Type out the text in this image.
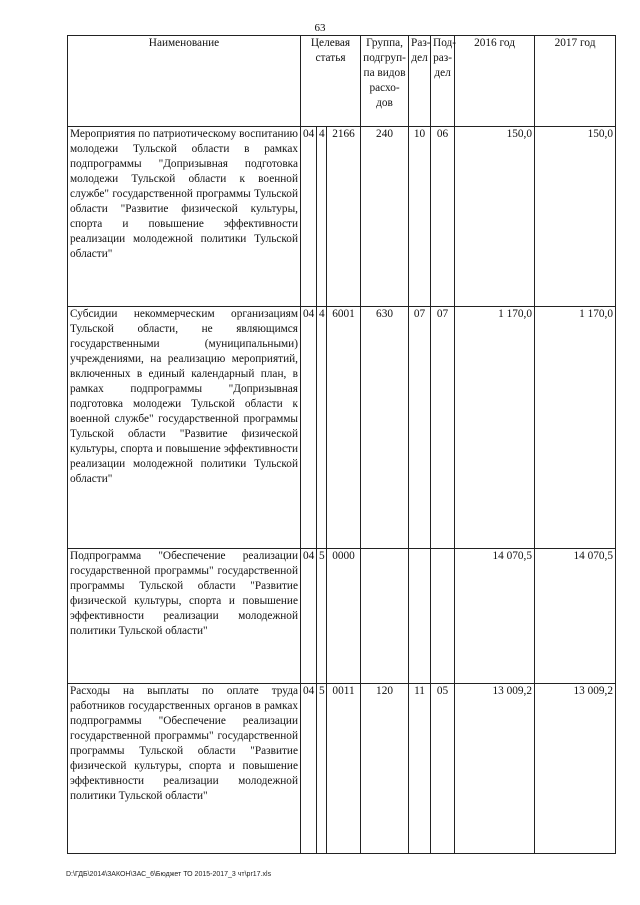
63
Наименование	Целевая статья			Группа, подгруп-па видов расхо-дов	Раз-дел	Под-раз-дел	2016 год	2017 год
Мероприятия по патриотическому воспитанию молодежи Тульской области в рамках подпрограммы "Допризывная подготовка молодежи Тульской области к военной службе" государственной программы Тульской области "Развитие физической культуры, спорта и повышение эффективности реализации молодежной политики Тульской области"	04	4	2166	240	10	06	150,0	150,0
Субсидии некоммерческим организациям Тульской области, не являющимся государственными (муниципальными) учреждениями, на реализацию мероприятий, включенных в единый календарный план, в рамках подпрограммы "Допризывная подготовка молодежи Тульской области к военной службе" государственной программы Тульской области "Развитие физической культуры, спорта и повышение эффективности реализации молодежной политики Тульской области"	04	4	6001	630	07	07	1 170,0	1 170,0
Подпрограмма "Обеспечение реализации государственной программы" государственной программы Тульской области "Развитие физической культуры, спорта и повышение эффективности реализации молодежной политики Тульской области"	04	5	0000				14 070,5	14 070,5
Расходы на выплаты по оплате труда работников государственных органов в рамках подпрограммы "Обеспечение реализации государственной программы" государственной программы Тульской области "Развитие физической культуры, спорта и повышение эффективности реализации молодежной политики Тульской области"	04	5	0011	120	11	05	13 009,2	13 009,2
D:\ГДБ\2014\ЗАКОН\ЗАС_6\Бюджет ТО 2015-2017_3 чт\pr17.xls
